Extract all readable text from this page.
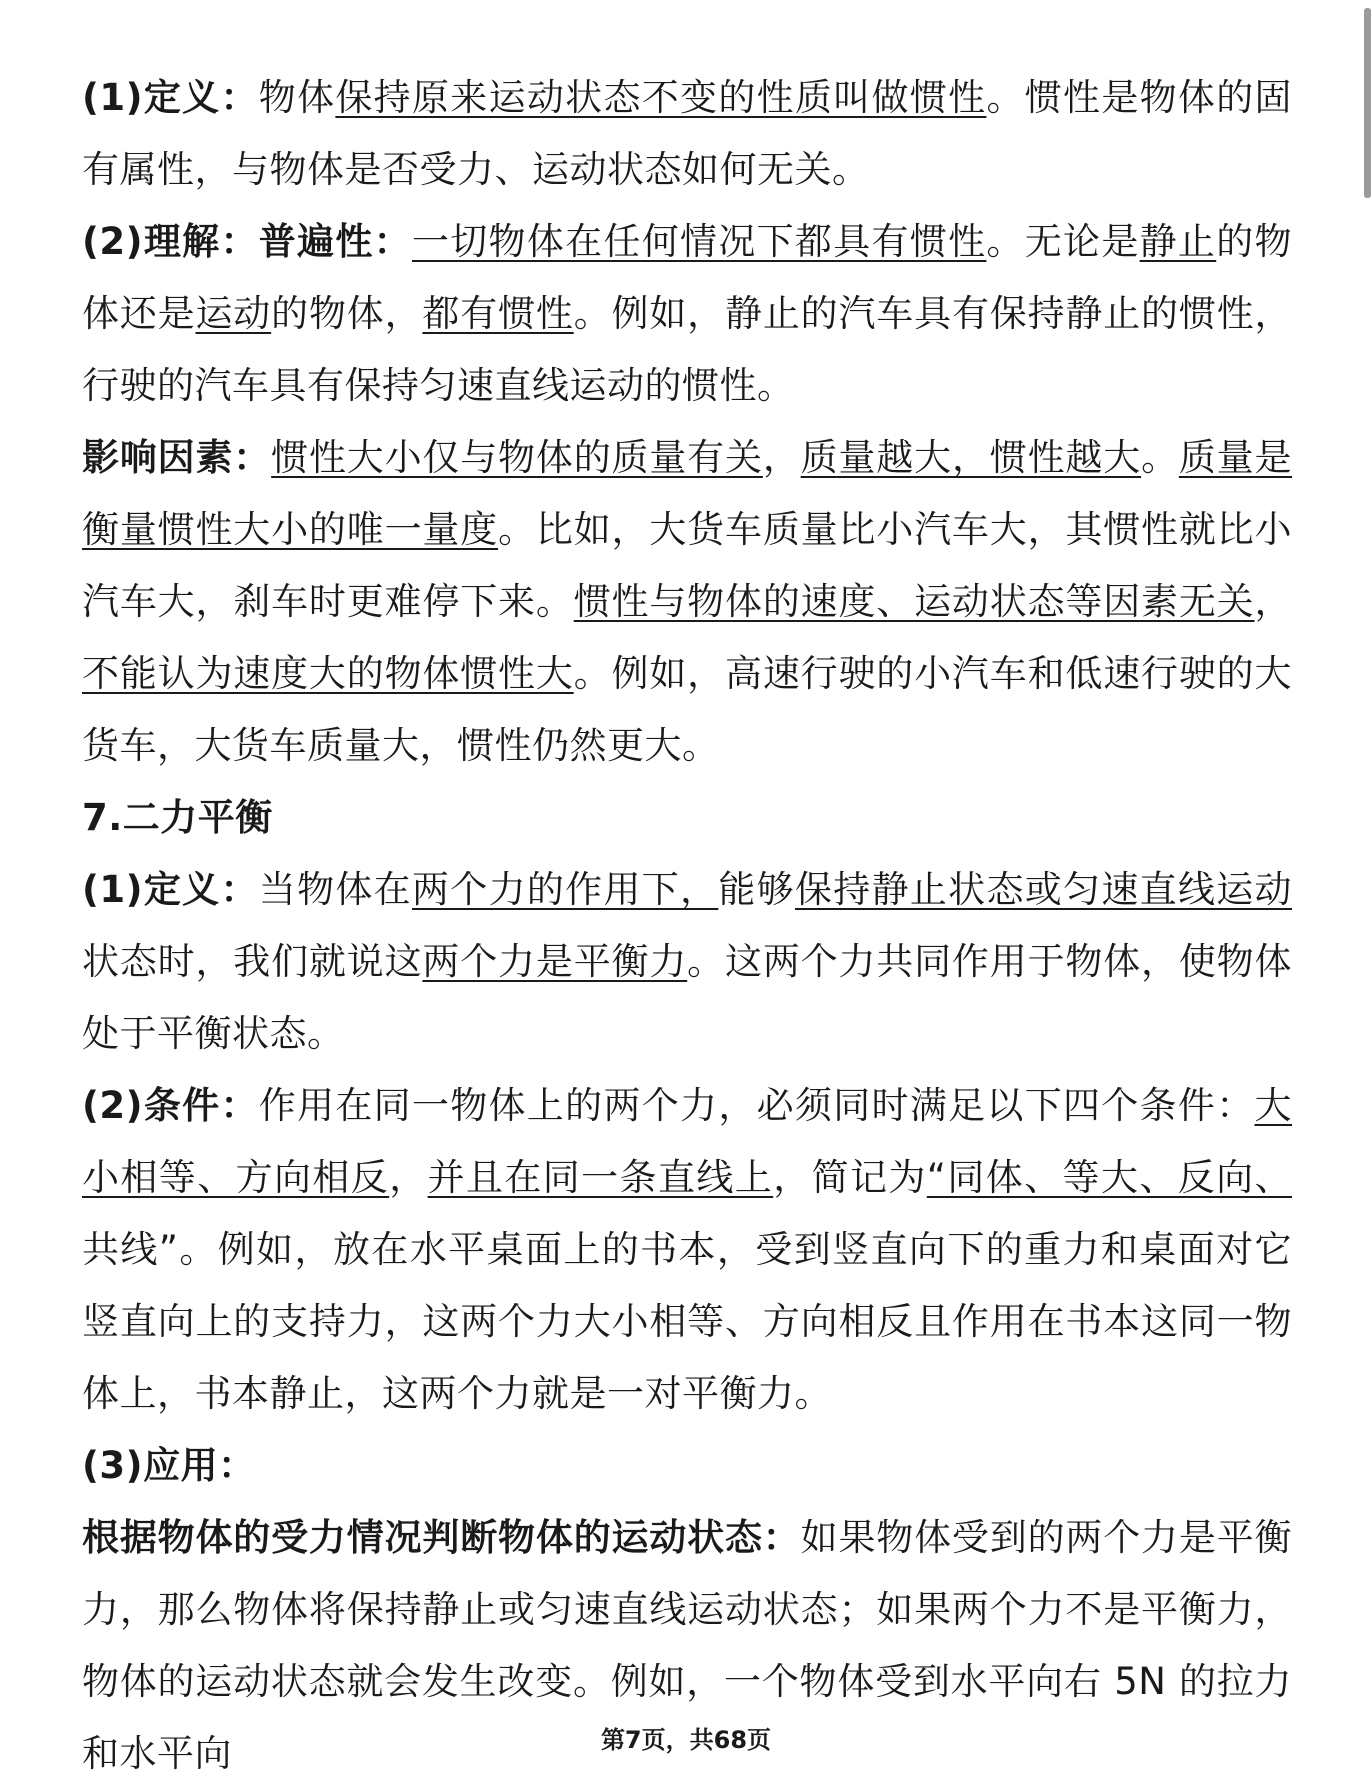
(1)定义：物体保持原来运动状态不变的性质叫做惯性。惯性是物体的固有属性，与物体是否受力、运动状态如何无关。

(2)理解：普遍性：一切物体在任何情况下都具有惯性。无论是静止的物体还是运动的物体，都有惯性。例如，静止的汽车具有保持静止的惯性，行驶的汽车具有保持匀速直线运动的惯性。

影响因素：惯性大小仅与物体的质量有关，质量越大，惯性越大。质量是衡量惯性大小的唯一量度。比如，大货车质量比小汽车大，其惯性就比小汽车大，刹车时更难停下来。惯性与物体的速度、运动状态等因素无关，不能认为速度大的物体惯性大。例如，高速行驶的小汽车和低速行驶的大货车，大货车质量大，惯性仍然更大。

7.二力平衡

(1)定义：当物体在两个力的作用下，能够保持静止状态或匀速直线运动状态时，我们就说这两个力是平衡力。这两个力共同作用于物体，使物体处于平衡状态。

(2)条件：作用在同一物体上的两个力，必须同时满足以下四个条件：大小相等、方向相反，并且在同一条直线上，简记为“同体、等大、反向、共线”。例如，放在水平桌面上的书本，受到竖直向下的重力和桌面对它竖直向上的支持力，这两个力大小相等、方向相反且作用在书本这同一物体上，书本静止，这两个力就是一对平衡力。

(3)应用：

根据物体的受力情况判断物体的运动状态：如果物体受到的两个力是平衡力，那么物体将保持静止或匀速直线运动状态；如果两个力不是平衡力，物体的运动状态就会发生改变。例如，一个物体受到水平向右 5N 的拉力和水平向	第7页，共68页
